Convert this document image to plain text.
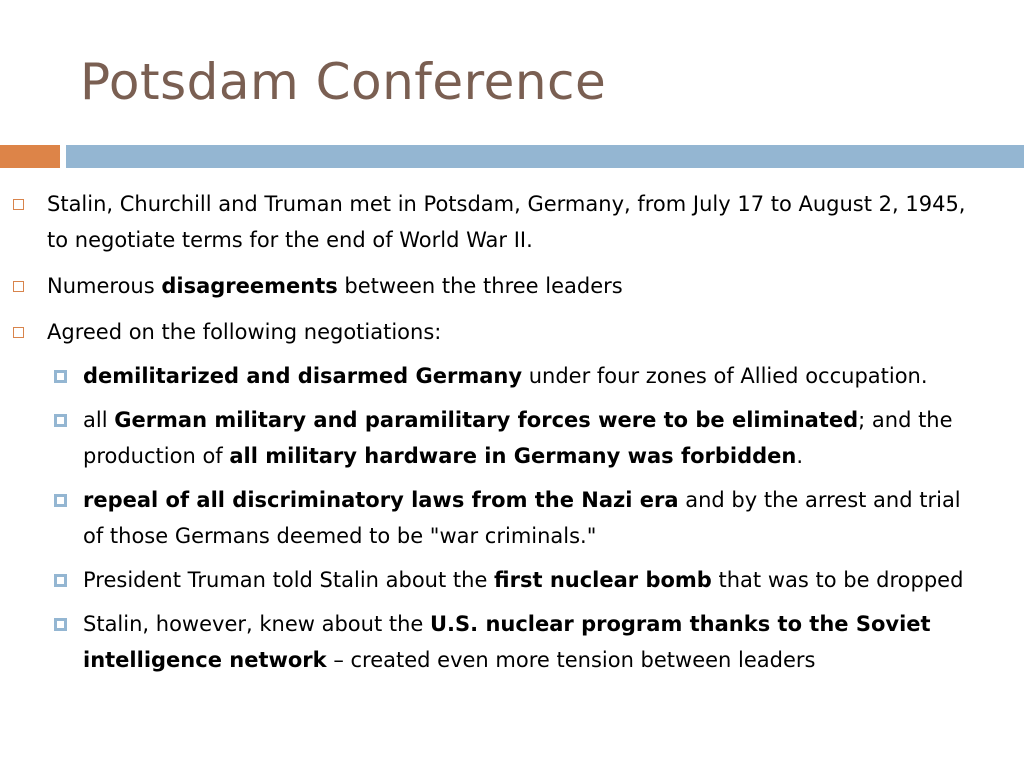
Potsdam Conference
Stalin, Churchill and Truman met in Potsdam, Germany, from July 17 to August 2, 1945, to negotiate terms for the end of World War II.
Numerous disagreements between the three leaders
Agreed on the following negotiations:
demilitarized and disarmed Germany under four zones of Allied occupation.
all German military and paramilitary forces were to be eliminated; and the production of all military hardware in Germany was forbidden.
repeal of all discriminatory laws from the Nazi era and by the arrest and trial of those Germans deemed to be "war criminals."
President Truman told Stalin about the first nuclear bomb that was to be dropped
Stalin, however, knew about the U.S. nuclear program thanks to the Soviet intelligence network – created even more tension between leaders
